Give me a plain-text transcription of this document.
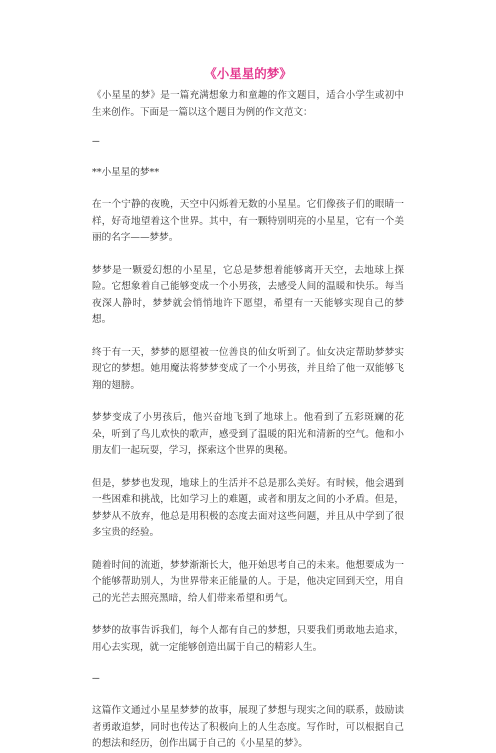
《小星星的梦》

《小星星的梦》是一篇充满想象力和童趣的作文题目，适合小学生或初中生来创作。下面是一篇以这个题目为例的作文范文：

---
**小星星的梦**

在一个宁静的夜晚，天空中闪烁着无数的小星星。它们像孩子们的眼睛一样，好奇地望着这个世界。其中，有一颗特别明亮的小星星，它有一个美丽的名字——梦梦。

梦梦是一颗爱幻想的小星星，它总是梦想着能够离开天空，去地球上探险。它想象着自己能够变成一个小男孩，去感受人间的温暖和快乐。每当夜深人静时，梦梦就会悄悄地许下愿望，希望有一天能够实现自己的梦想。

终于有一天，梦梦的愿望被一位善良的仙女听到了。仙女决定帮助梦梦实现它的梦想。她用魔法将梦梦变成了一个小男孩，并且给了他一双能够飞翔的翅膀。

梦梦变成了小男孩后，他兴奋地飞到了地球上。他看到了五彩斑斓的花朵，听到了鸟儿欢快的歌声，感受到了温暖的阳光和清新的空气。他和小朋友们一起玩耍，学习，探索这个世界的奥秘。

但是，梦梦也发现，地球上的生活并不总是那么美好。有时候，他会遇到一些困难和挑战，比如学习上的难题，或者和朋友之间的小矛盾。但是，梦梦从不放弃，他总是用积极的态度去面对这些问题，并且从中学到了很多宝贵的经验。

随着时间的流逝，梦梦渐渐长大，他开始思考自己的未来。他想要成为一个能够帮助别人，为世界带来正能量的人。于是，他决定回到天空，用自己的光芒去照亮黑暗，给人们带来希望和勇气。

梦梦的故事告诉我们，每个人都有自己的梦想，只要我们勇敢地去追求，用心去实现，就一定能够创造出属于自己的精彩人生。

---

这篇作文通过小星星梦梦的故事，展现了梦想与现实之间的联系，鼓励读者勇敢追梦，同时也传达了积极向上的人生态度。写作时，可以根据自己的想法和经历，创作出属于自己的《小星星的梦》。
